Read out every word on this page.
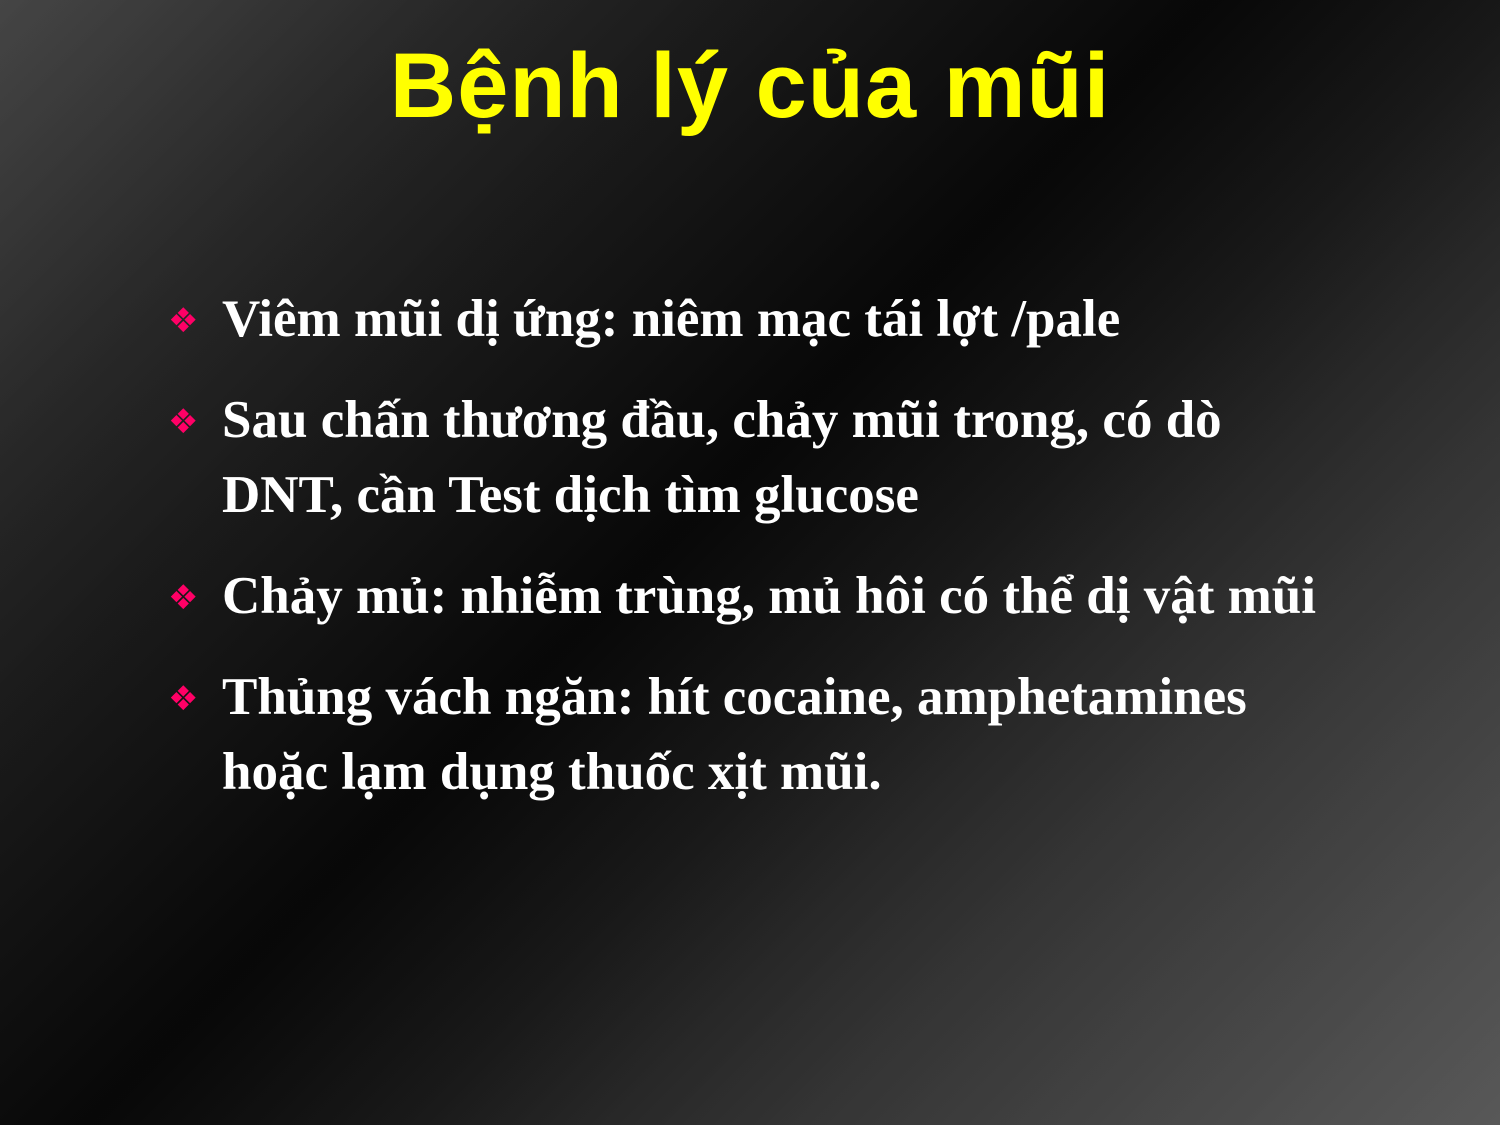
Bệnh lý của mũi
❖ Viêm mũi dị ứng: niêm mạc tái lợt /pale
❖ Sau chấn thương đầu, chảy mũi trong, có dò
DNT, cần Test dịch tìm glucose
❖ Chảy mủ: nhiễm trùng, mủ hôi có thể dị vật mũi
❖ Thủng vách ngăn: hít cocaine, amphetamines
hoặc lạm dụng thuốc xịt mũi.
